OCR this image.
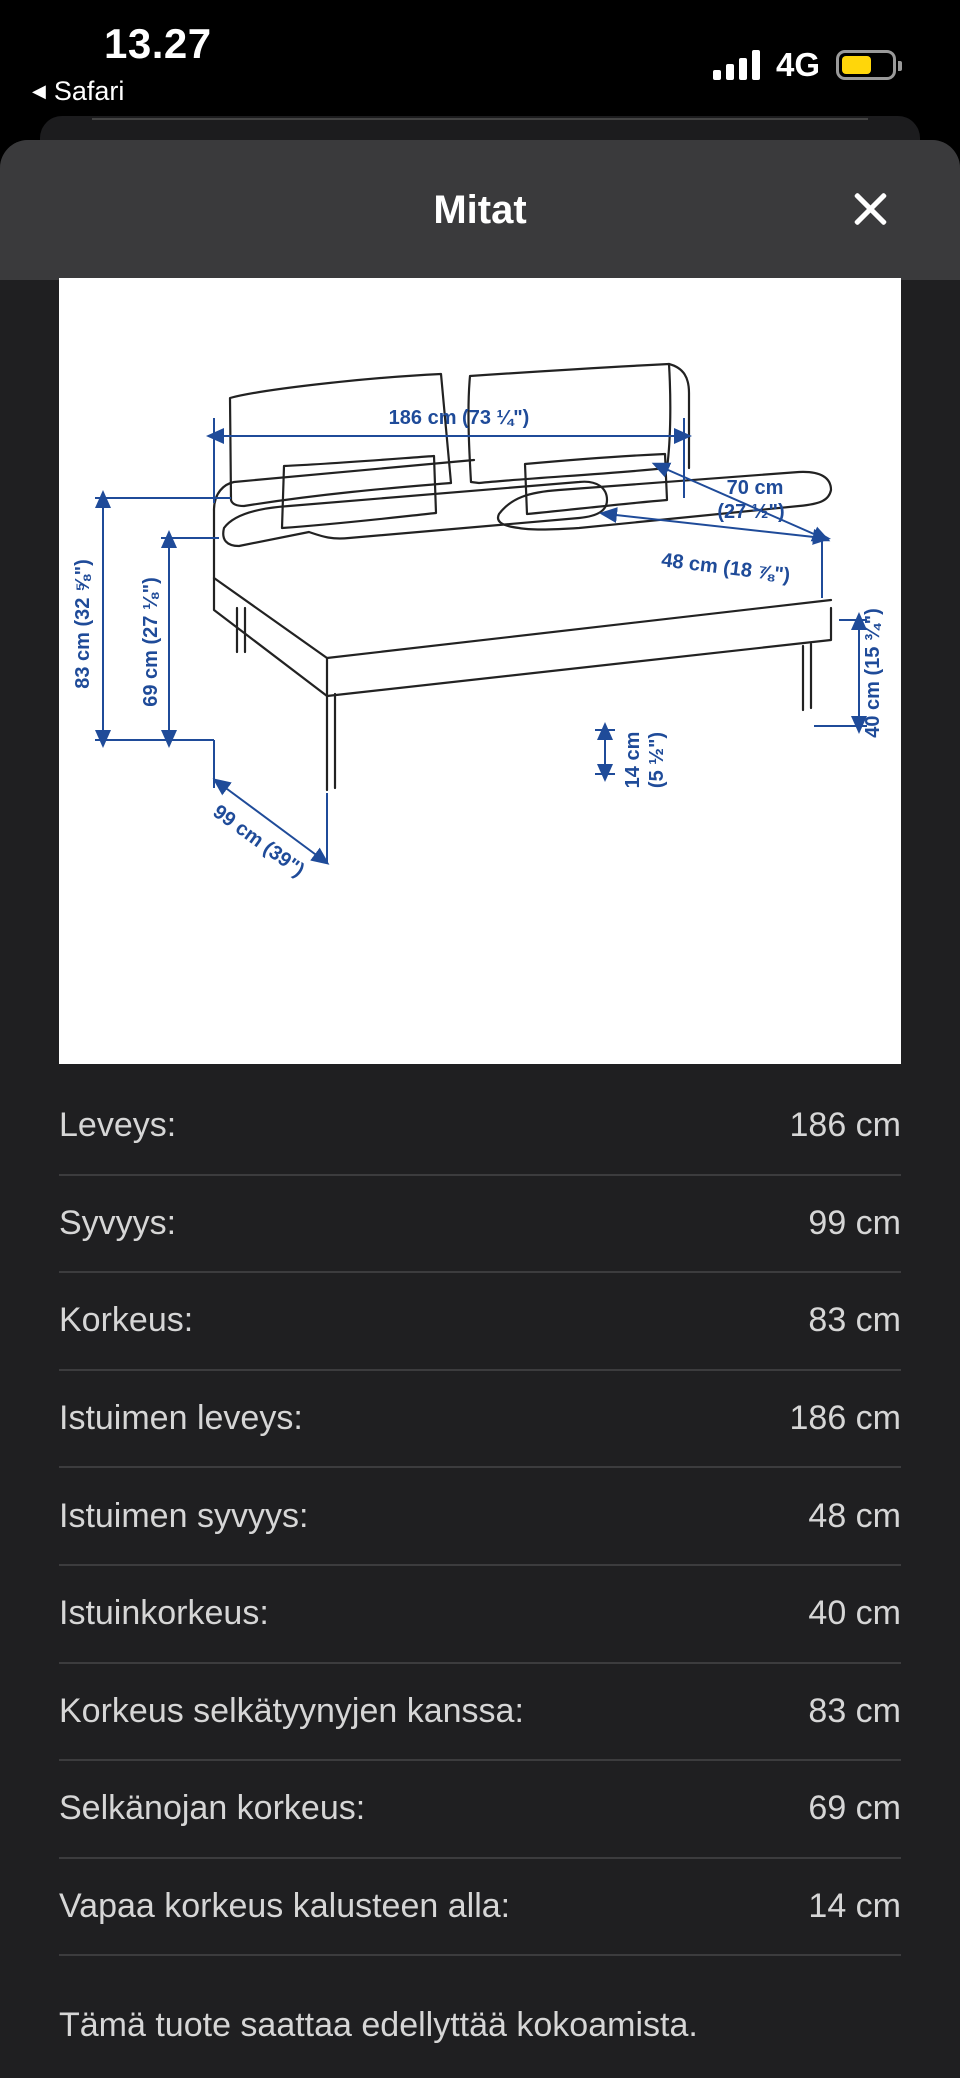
13.27
◀ Safari
4G
Mitat
186 cm (73 ¼")
70 cm
(27 ½")
48 cm (18 ⅞")
83 cm (32 ⅝") 69 cm (27 ⅛")	40 cm (15 ¾")
14 cm (5 ½")
99 cm (39")
Leveys:	186 cm
Syvyys:	99 cm
Korkeus:	83 cm
Istuimen leveys:	186 cm
Istuimen syvyys:	48 cm
Istuinkorkeus:	40 cm
Korkeus selkätyynyjen kanssa:	83 cm
Selkänojan korkeus:	69 cm
Vapaa korkeus kalusteen alla:	14 cm
Tämä tuote saattaa edellyttää kokoamista.
